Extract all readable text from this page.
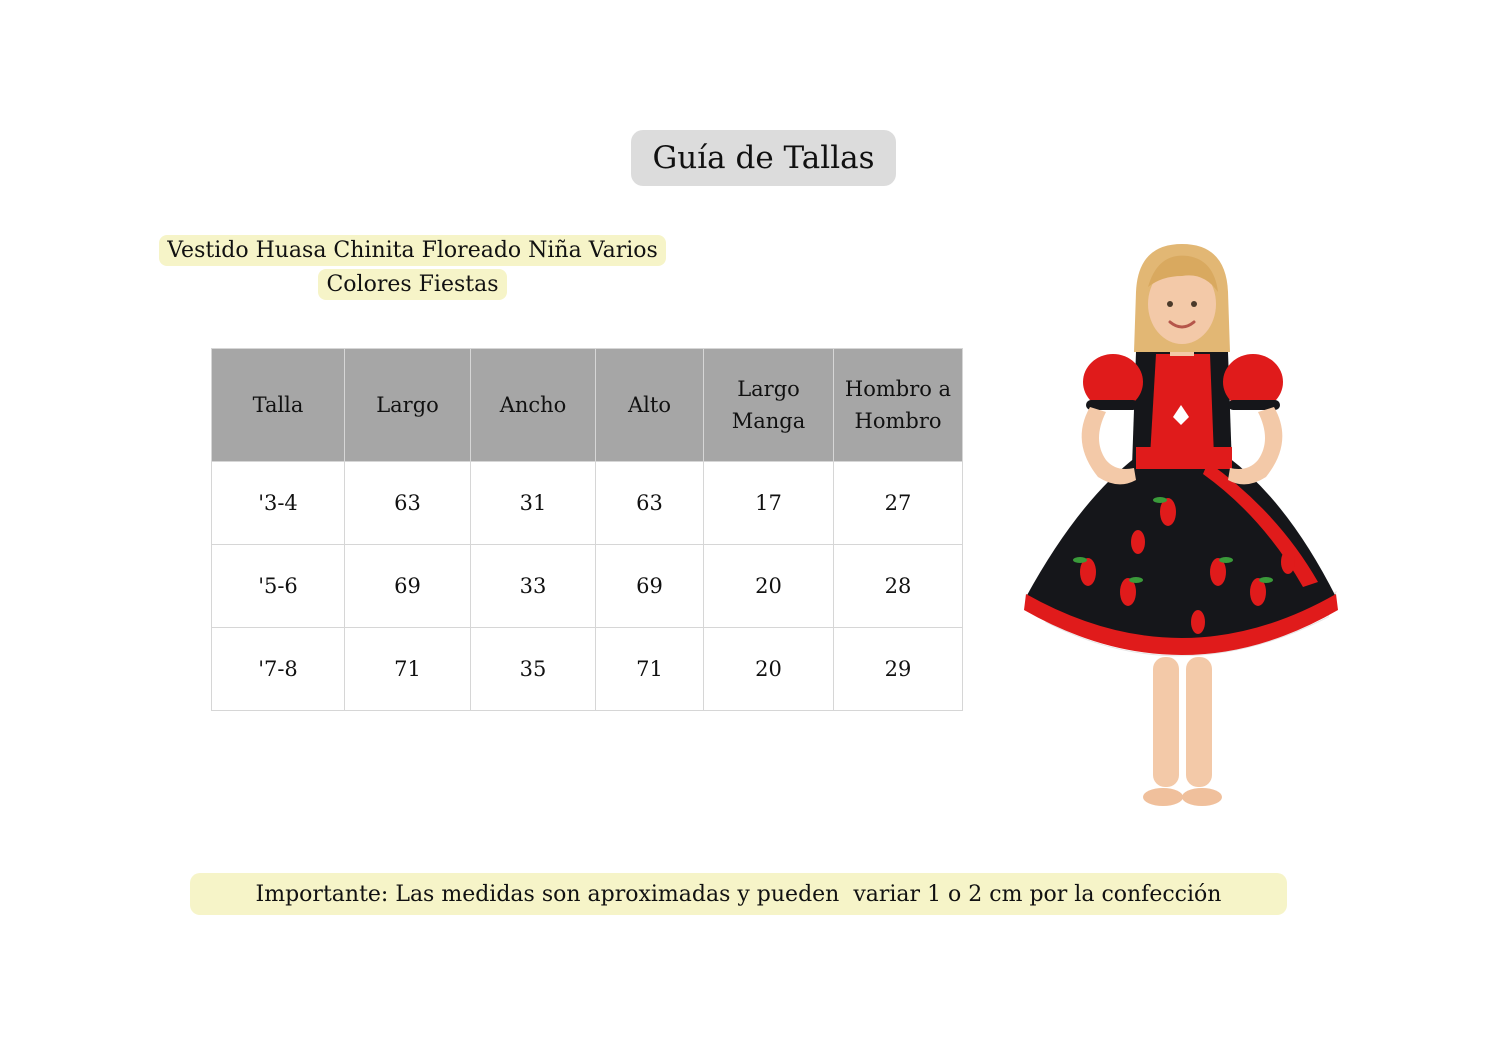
Guía de Tallas
Vestido Huasa Chinita Floreado Niña Varios Colores Fiestas
Talla	Largo	Ancho	Alto	Largo Manga	Hombro a Hombro
'3-4	63	31	63	17	27
'5-6	69	33	69	20	28
'7-8	71	35	71	20	29
Importante: Las medidas son aproximadas y pueden  variar 1 o 2 cm por la confección
